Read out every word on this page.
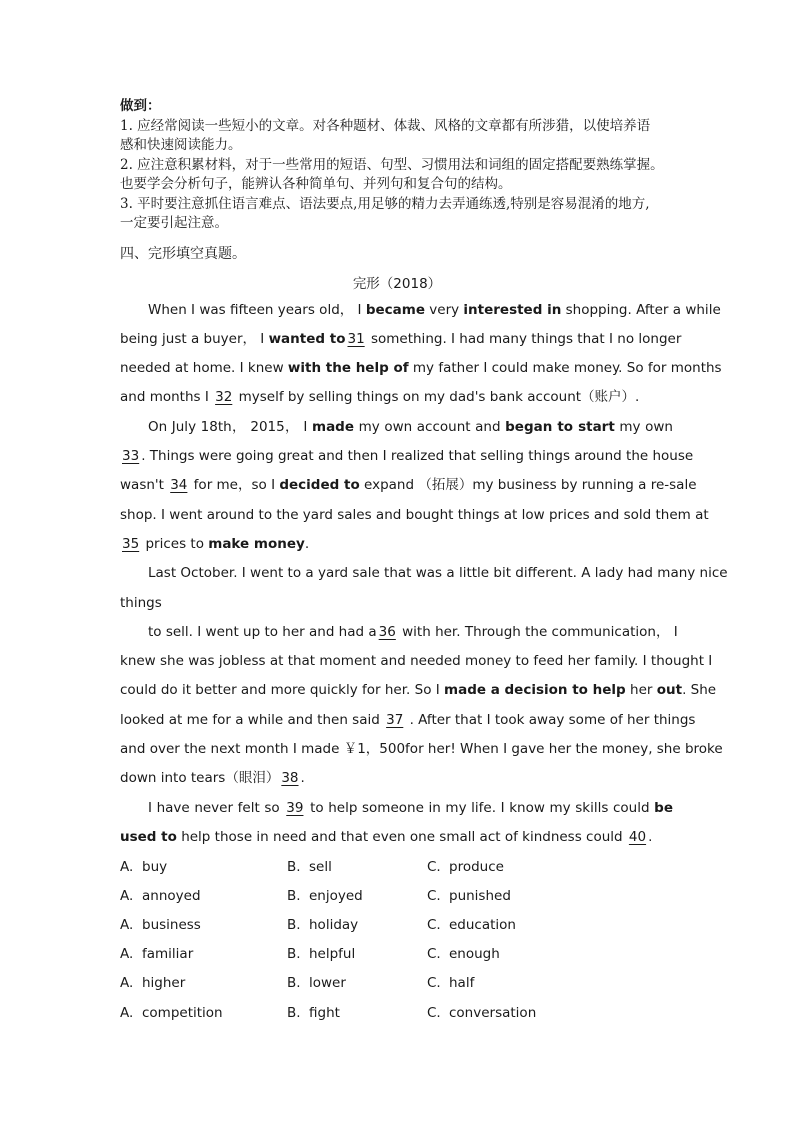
做到：
1. 应经常阅读一些短小的文章。对各种题材、体裁、风格的文章都有所涉猎，以使培养语
感和快速阅读能力。
2. 应注意积累材料，对于一些常用的短语、句型、习惯用法和词组的固定搭配要熟练掌握。
也要学会分析句子，能辨认各种简单句、并列句和复合句的结构。
3. 平时要注意抓住语言难点、语法要点,用足够的精力去弄通练透,特别是容易混淆的地方,
一定要引起注意。
四、完形填空真题。
完形（2018）
When I was fifteen years old， I became very interested in shopping. After a while
being just a buyer， I wanted to31 something. I had many things that I no longer
needed at home. I knew with the help of my father I could make money. So for months
and months I 32 myself by selling things on my dad's bank account（账户）.
On July 18th， 2015， I made my own account and began to start my own
33. Things were going great and then I realized that selling things around the house
wasn't 34 for me，so I decided to expand （拓展）my business by running a re-sale
shop. I went around to the yard sales and bought things at low prices and sold them at
35 prices to make money.
Last October. I went to a yard sale that was a little bit different. A lady had many nice
things
to sell. I went up to her and had a36 with her. Through the communication， I
knew she was jobless at that moment and needed money to feed her family. I thought I
could do it better and more quickly for her. So I made a decision to help her out. She
looked at me for a while and then said 37 . After that I took away some of her things
and over the next month I made ￥1，500for her! When I gave her the money, she broke
down into tears（眼泪）38.
I have never felt so 39 to help someone in my life. I know my skills could be
used to help those in need and that even one small act of kindness could 40.
A. buy	B. sell	C. produce
A. annoyed	B. enjoyed	C. punished
A. business	B. holiday	C. education
A. familiar	B. helpful	C. enough
A. higher	B. lower	C. half
A. competition	B. fight	C. conversation
